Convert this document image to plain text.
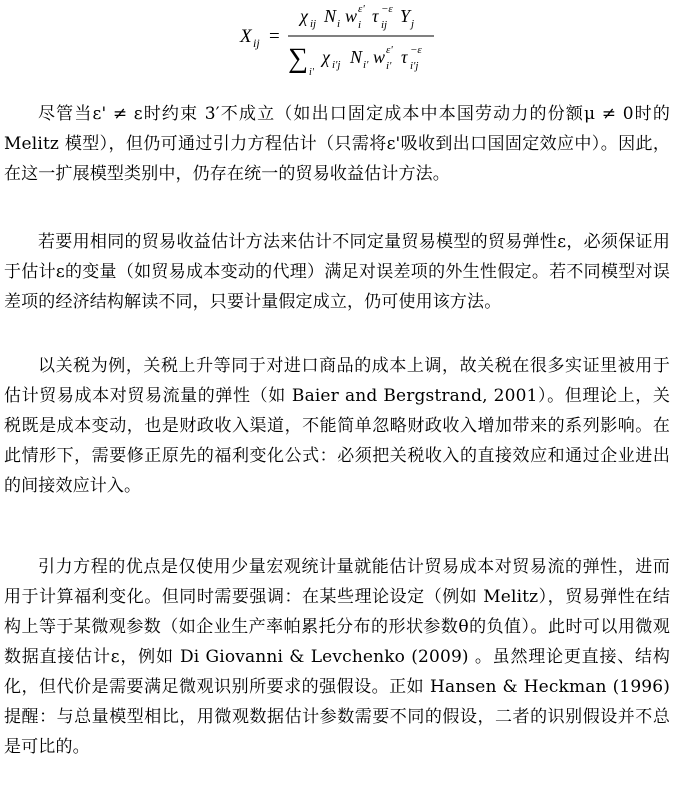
X ij =
χ ij N i w ε'
i τ −ε
ij Y j
∑ i'
χ i'j N i' w ε'
i' τ −ε
i'j

尽管当ε' ≠ ε时约束 3′不成立（如出口固定成本中本国劳动力的份额μ ≠ 0时的 Melitz 模型），但仍可通过引力方程估计（只需将ε'吸收到出口国固定效应中）。因此，在这一扩展模型类别中，仍存在统一的贸易收益估计方法。

若要用相同的贸易收益估计方法来估计不同定量贸易模型的贸易弹性ε，必须保证用于估计ε的变量（如贸易成本变动的代理）满足对误差项的外生性假定。若不同模型对误差项的经济结构解读不同，只要计量假定成立，仍可使用该方法。

以关税为例，关税上升等同于对进口商品的成本上调，故关税在很多实证里被用于估计贸易成本对贸易流量的弹性（如 Baier and Bergstrand, 2001）。但理论上，关税既是成本变动，也是财政收入渠道，不能简单忽略财政收入增加带来的系列影响。在此情形下，需要修正原先的福利变化公式：必须把关税收入的直接效应和通过企业进出的间接效应计入。

引力方程的优点是仅使用少量宏观统计量就能估计贸易成本对贸易流的弹性，进而用于计算福利变化。但同时需要强调：在某些理论设定（例如 Melitz），贸易弹性在结构上等于某微观参数（如企业生产率帕累托分布的形状参数θ的负值）。此时可以用微观数据直接估计ε，例如 Di Giovanni & Levchenko (2009) 。虽然理论更直接、结构化，但代价是需要满足微观识别所要求的强假设。正如 Hansen & Heckman (1996) 提醒：与总量模型相比，用微观数据估计参数需要不同的假设，二者的识别假设并不总是可比的。
